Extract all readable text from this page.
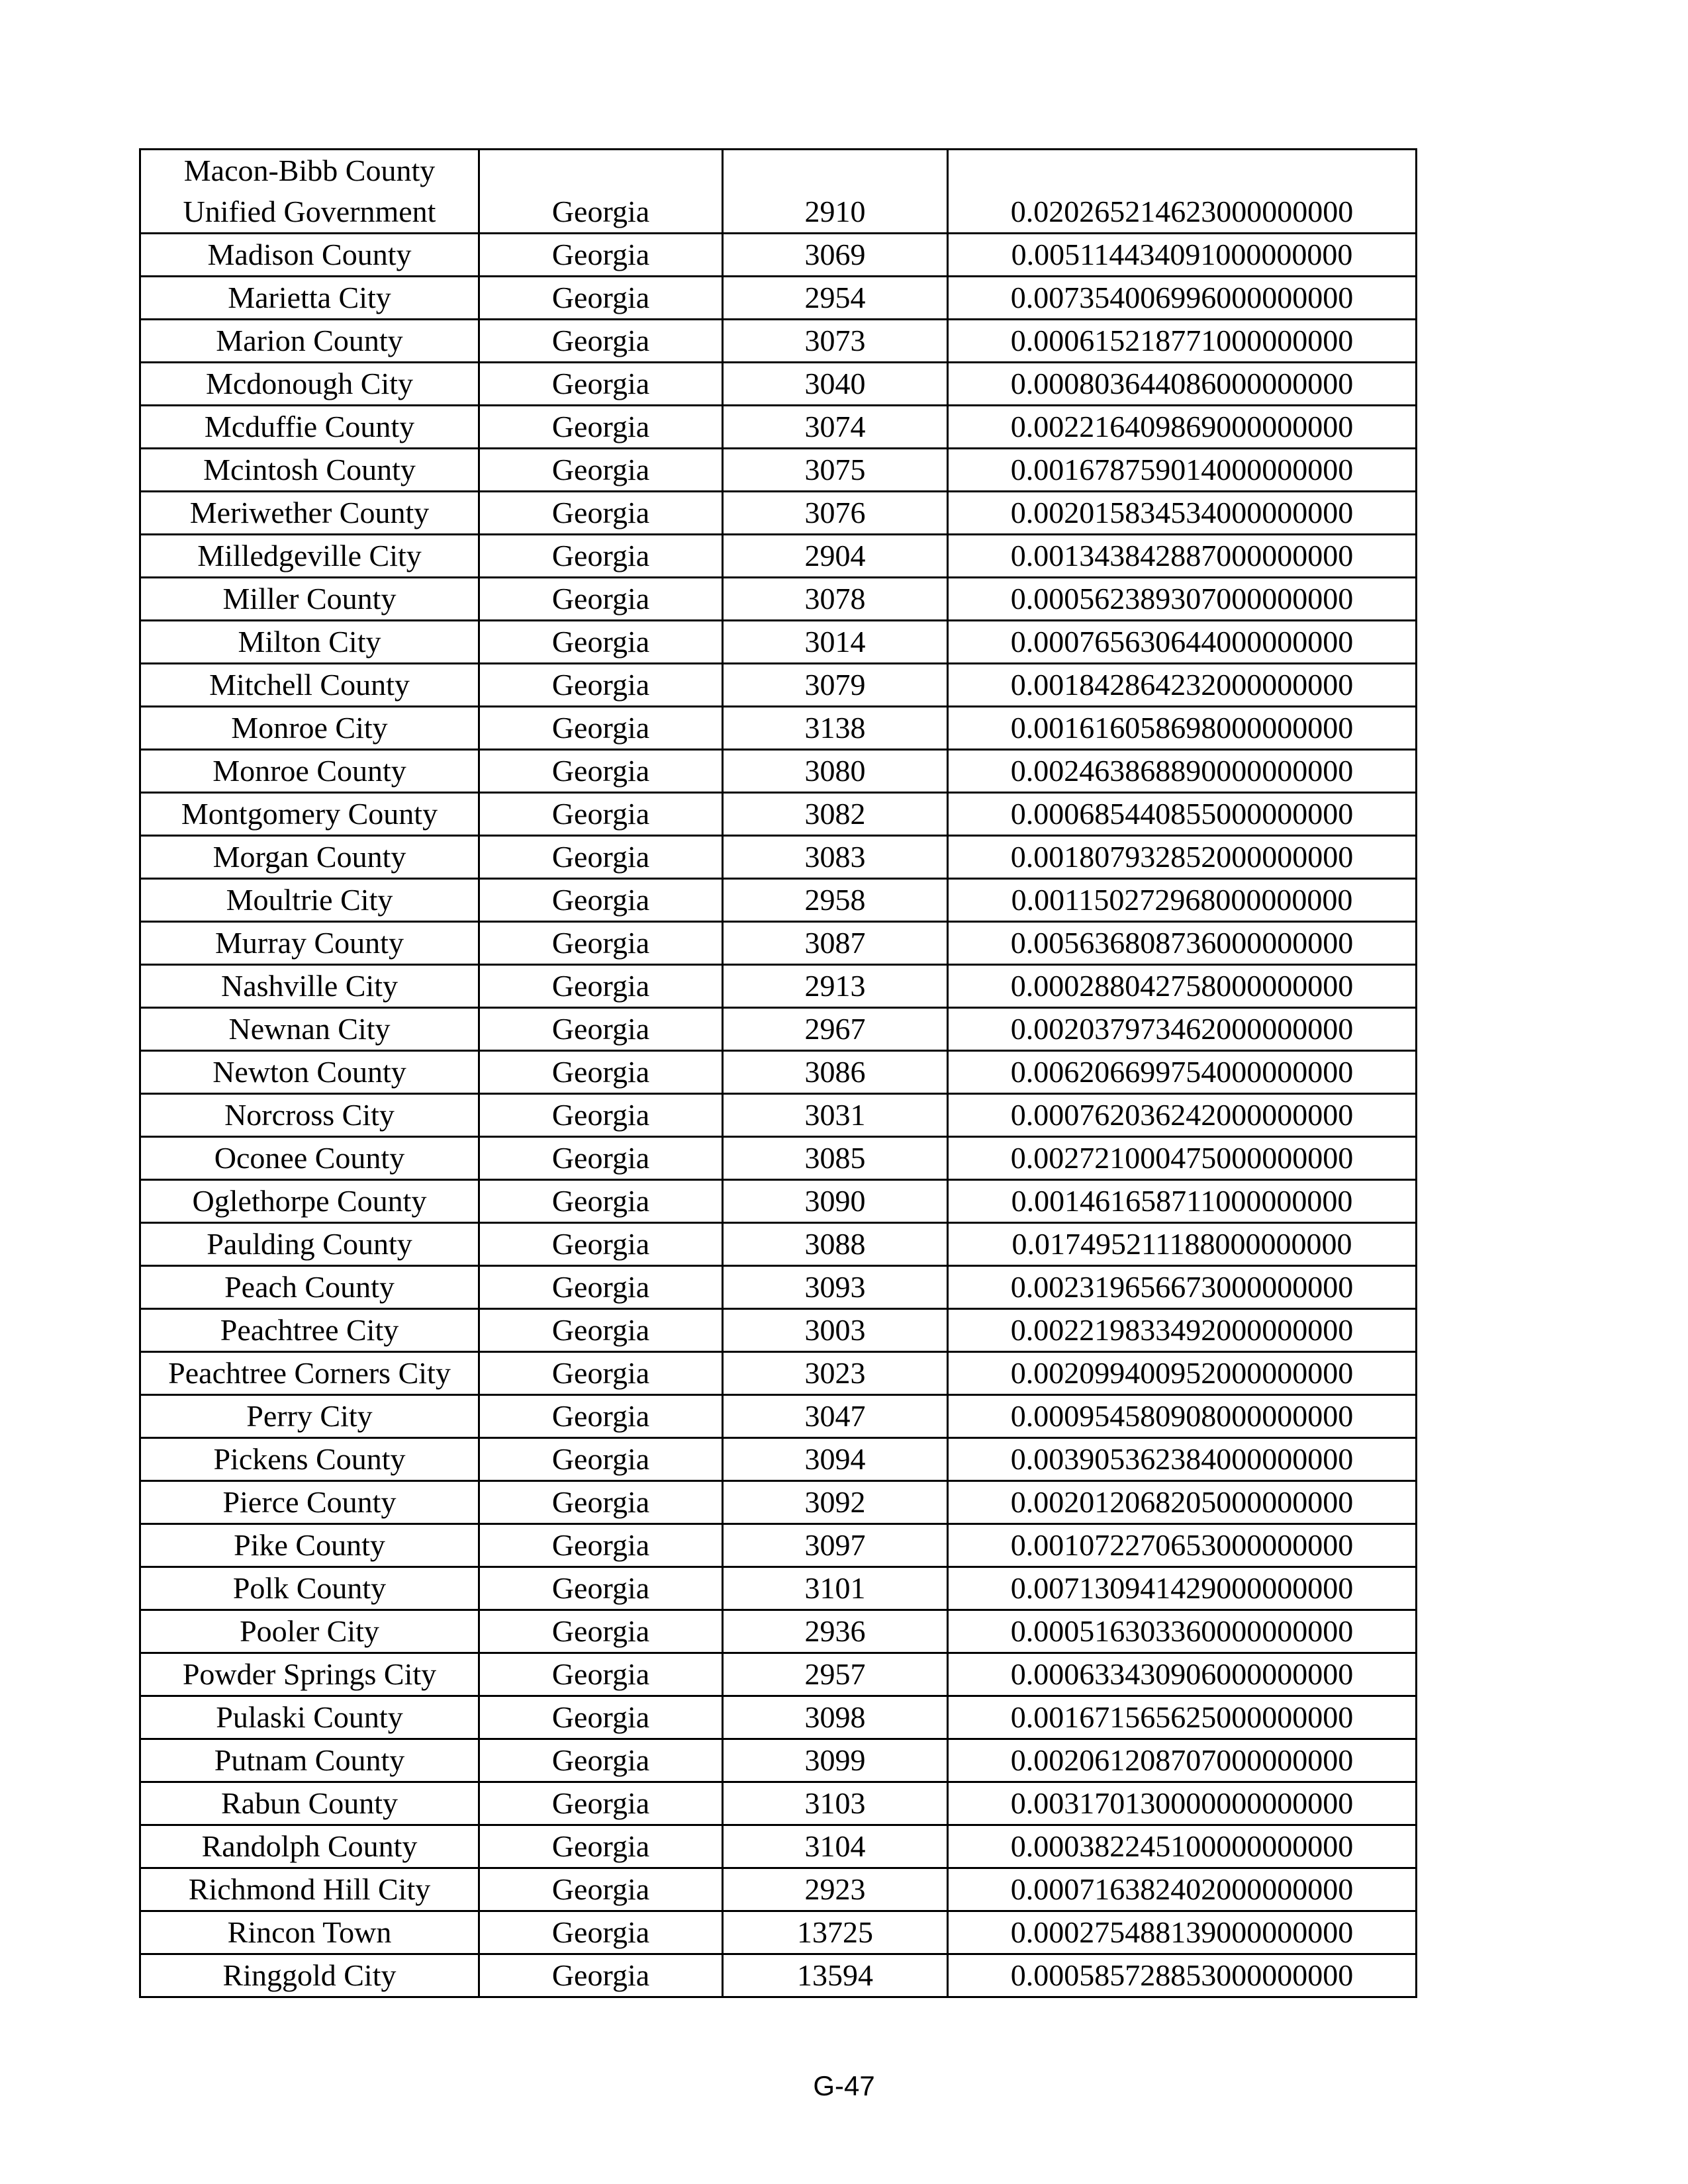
Macon-Bibb County
Unified Government	Georgia	2910	0.020265214623000000000
Madison County	Georgia	3069	0.005114434091000000000
Marietta City	Georgia	2954	0.007354006996000000000
Marion County	Georgia	3073	0.000615218771000000000
Mcdonough City	Georgia	3040	0.000803644086000000000
Mcduffie County	Georgia	3074	0.002216409869000000000
Mcintosh County	Georgia	3075	0.001678759014000000000
Meriwether County	Georgia	3076	0.002015834534000000000
Milledgeville City	Georgia	2904	0.001343842887000000000
Miller County	Georgia	3078	0.000562389307000000000
Milton City	Georgia	3014	0.000765630644000000000
Mitchell County	Georgia	3079	0.001842864232000000000
Monroe City	Georgia	3138	0.001616058698000000000
Monroe County	Georgia	3080	0.002463868890000000000
Montgomery County	Georgia	3082	0.000685440855000000000
Morgan County	Georgia	3083	0.001807932852000000000
Moultrie City	Georgia	2958	0.001150272968000000000
Murray County	Georgia	3087	0.005636808736000000000
Nashville City	Georgia	2913	0.000288042758000000000
Newnan City	Georgia	2967	0.002037973462000000000
Newton County	Georgia	3086	0.006206699754000000000
Norcross City	Georgia	3031	0.000762036242000000000
Oconee County	Georgia	3085	0.002721000475000000000
Oglethorpe County	Georgia	3090	0.001461658711000000000
Paulding County	Georgia	3088	0.017495211188000000000
Peach County	Georgia	3093	0.002319656673000000000
Peachtree City	Georgia	3003	0.002219833492000000000
Peachtree Corners City	Georgia	3023	0.002099400952000000000
Perry City	Georgia	3047	0.000954580908000000000
Pickens County	Georgia	3094	0.003905362384000000000
Pierce County	Georgia	3092	0.002012068205000000000
Pike County	Georgia	3097	0.001072270653000000000
Polk County	Georgia	3101	0.007130941429000000000
Pooler City	Georgia	2936	0.000516303360000000000
Powder Springs City	Georgia	2957	0.000633430906000000000
Pulaski County	Georgia	3098	0.001671565625000000000
Putnam County	Georgia	3099	0.002061208707000000000
Rabun County	Georgia	3103	0.003170130000000000000
Randolph County	Georgia	3104	0.000382245100000000000
Richmond Hill City	Georgia	2923	0.000716382402000000000
Rincon Town	Georgia	13725	0.000275488139000000000
Ringgold City	Georgia	13594	0.000585728853000000000
G-47
